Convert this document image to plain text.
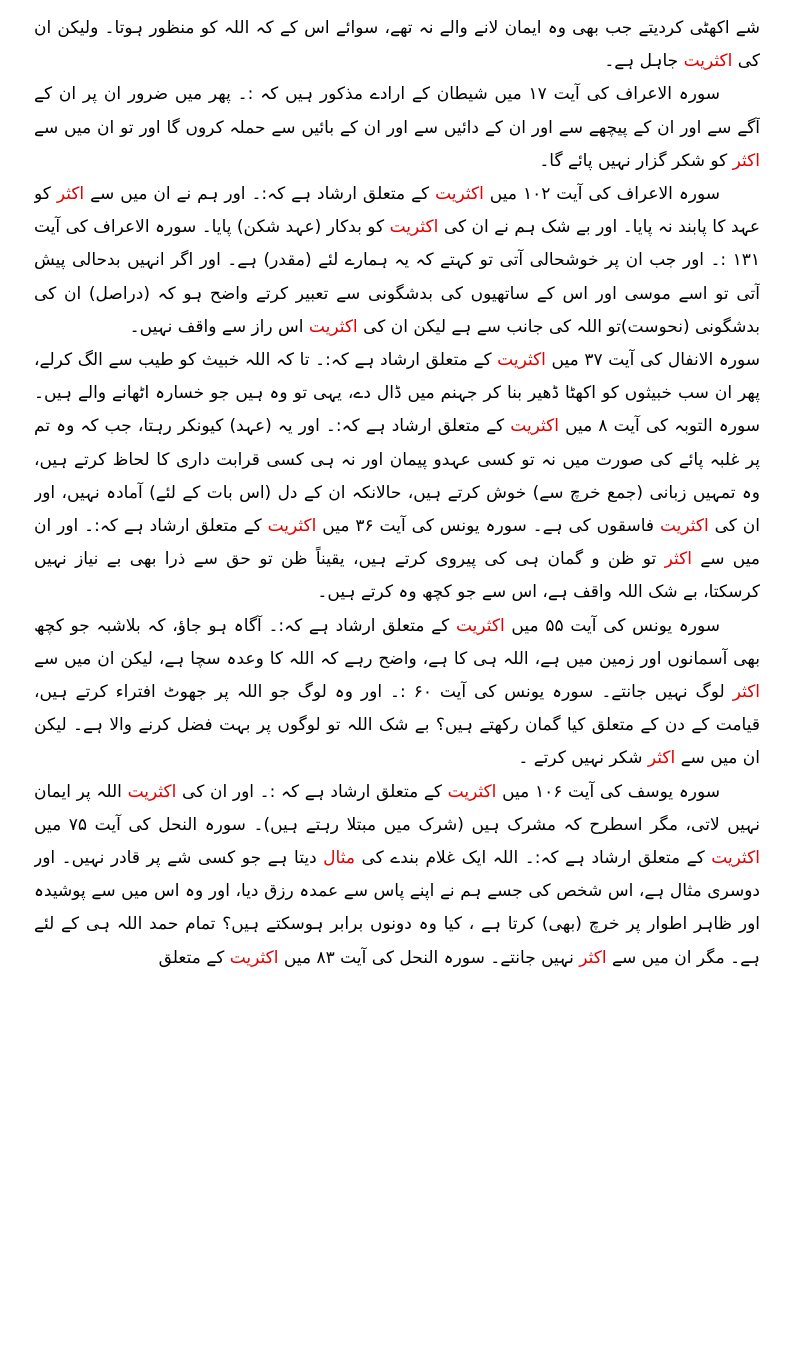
شے اکھٹی کردیتے جب بھی وہ ایمان لانے والے نہ تھے، سوائے اس کے کہ اللہ کو منظور ہوتا۔ ولیکن ان کی اکثریت جاہل ہے۔

سورہ الاعراف کی آیت ۱۷ میں شیطان کے ارادے مذکور ہیں کہ :۔ پھر میں ضرور ان پر ان کے آگے سے اور ان کے پیچھے سے اور ان کے دائیں سے اور ان کے بائیں سے حملہ کروں گا اور تو ان میں سے اکثر کو شکر گزار نہیں پائے گا۔

سورہ الاعراف کی آیت ۱۰۲ میں اکثریت کے متعلق ارشاد ہے کہ:۔ اور ہم نے ان میں سے اکثر کو عہد کا پابند نہ پایا۔ اور بے شک ہم نے ان کی اکثریت کو بدکار (عہد شکن) پایا۔ سورہ الاعراف کی آیت ۱۳۱ :۔ اور جب ان پر خوشحالی آتی تو کہتے کہ یہ ہمارے لئے (مقدر) ہے۔ اور اگر انہیں بدحالی پیش آتی تو اسے موسی اور اس کے ساتھیوں کی بدشگونی سے تعبیر کرتے واضح ہو کہ (دراصل) ان کی بدشگونی (نحوست)تو اللہ کی جانب سے ہے لیکن ان کی اکثریت اس راز سے واقف نہیں۔

سورہ الانفال کی آیت ۳۷ میں اکثریت کے متعلق ارشاد ہے کہ:۔ تا کہ اللہ خبیث کو طیب سے الگ کرلے، پھر ان سب خبیثوں کو اکھٹا ڈھیر بنا کر جہنم میں ڈال دے، یہی تو وہ ہیں جو خسارہ اٹھانے والے ہیں۔ سورہ التوبہ کی آیت ۸ میں اکثریت کے متعلق ارشاد ہے کہ:۔ اور یہ (عہد) کیونکر رہتا، جب کہ وہ تم پر غلبہ پائے کی صورت میں نہ تو کسی عہدو پیمان اور نہ ہی کسی قرابت داری کا لحاظ کرتے ہیں، وہ تمہیں زبانی (جمع خرچ سے) خوش کرتے ہیں، حالانکہ ان کے دل (اس بات کے لئے) آمادہ نہیں، اور ان کی اکثریت فاسقوں کی ہے۔ سورہ یونس کی آیت ۳۶ میں اکثریت کے متعلق ارشاد ہے کہ:۔ اور ان میں سے اکثر تو ظن و گمان ہی کی پیروی کرتے ہیں، یقیناً ظن تو حق سے ذرا بھی بے نیاز نہیں کرسکتا، بے شک اللہ واقف ہے، اس سے جو کچھ وہ کرتے ہیں۔

سورہ یونس کی آیت ۵۵ میں اکثریت کے متعلق ارشاد ہے کہ:۔ آگاہ ہو جاؤ، کہ بلاشبہ جو کچھ بھی آسمانوں اور زمین میں ہے، اللہ ہی کا ہے، واضح رہے کہ اللہ کا وعدہ سچا ہے، لیکن ان میں سے اکثر لوگ نہیں جانتے۔ سورہ یونس کی آیت ۶۰ :۔ اور وہ لوگ جو اللہ پر جھوٹ افتراء کرتے ہیں، قیامت کے دن کے متعلق کیا گمان رکھتے ہیں؟ بے شک اللہ تو لوگوں پر بہت فضل کرنے والا ہے۔ لیکن ان میں سے اکثر شکر نہیں کرتے ۔

سورہ یوسف کی آیت ۱۰۶ میں اکثریت کے متعلق ارشاد ہے کہ :۔ اور ان کی اکثریت اللہ پر ایمان نہیں لاتی، مگر اسطرح کہ مشرک ہیں (شرک میں مبتلا رہتے ہیں)۔ سورہ النحل کی آیت ۷۵ میں اکثریت کے متعلق ارشاد ہے کہ:۔ اللہ ایک غلام بندے کی مثال دیتا ہے جو کسی شے پر قادر نہیں۔ اور دوسری مثال ہے، اس شخص کی جسے ہم نے اپنے پاس سے عمدہ رزق دیا، اور وہ اس میں سے پوشیدہ اور ظاہر اطوار پر خرچ (بھی) کرتا ہے ، کیا وہ دونوں برابر ہوسکتے ہیں؟ تمام حمد اللہ ہی کے لئے ہے۔ مگر ان میں سے اکثر نہیں جانتے۔ سورہ النحل کی آیت ۸۳ میں اکثریت کے متعلق
